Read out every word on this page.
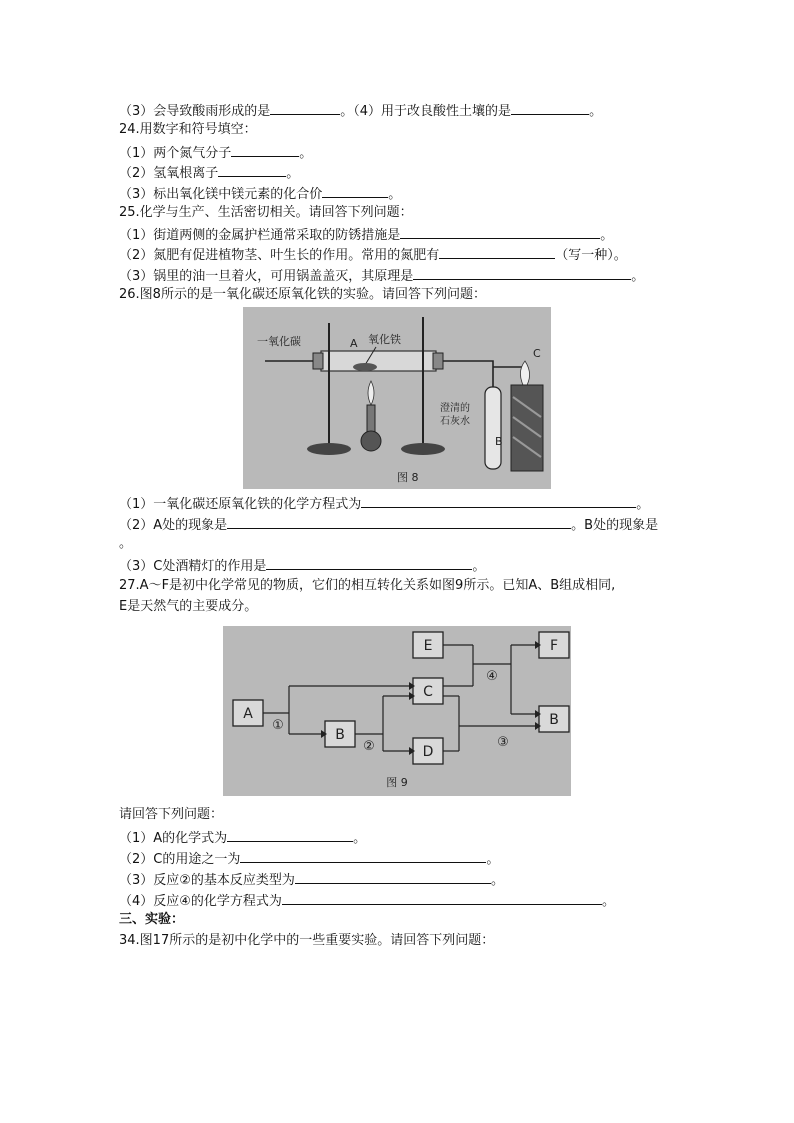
（3）会导致酸雨形成的是	。（4）用于改良酸性土壤的是	。
24.用数字和符号填空：
（1）两个氮气分子	。
（2）氢氧根离子	。
（3）标出氧化镁中镁元素的化合价	。
25.化学与生产、生活密切相关。请回答下列问题：
（1）街道两侧的金属护栏通常采取的防锈措施是	。
（2）氮肥有促进植物茎、叶生长的作用。常用的氮肥有	（写一种）。
（3）锅里的油一旦着火，可用锅盖盖灭，其原理是	。
26.图8所示的是一氧化碳还原氧化铁的实验。请回答下列问题：
一氧化碳	A 氧化铁
澄清的
石灰水
B
C
图 8
（1）一氧化碳还原氧化铁的化学方程式为	。
（2）A处的现象是	。B处的现象是
。
（3）C处酒精灯的作用是	。
27.A～F是初中化学常见的物质，它们的相互转化关系如图9所示。已知A、B组成相同,
E是天然气的主要成分。
A
B
C
D
E	F
B
①
②	③
④
图 9
请回答下列问题：
（1）A的化学式为	。
（2）C的用途之一为	。
（3）反应②的基本反应类型为	。
（4）反应④的化学方程式为	。
三、实验：
34.图17所示的是初中化学中的一些重要实验。请回答下列问题：
